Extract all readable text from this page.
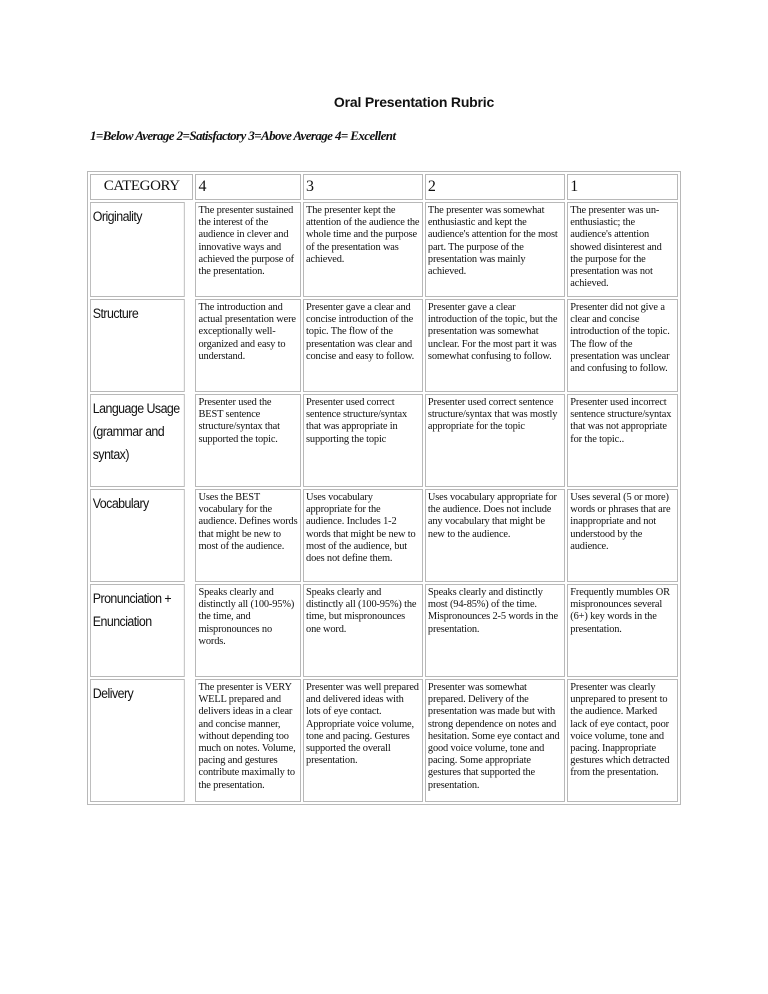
Oral Presentation Rubric
1=Below Average 2=Satisfactory 3=Above Average 4= Excellent
CATEGORY	4	3	2	1
Originality	The presenter sustained the interest of the audience in clever and innovative ways and achieved the purpose of the presentation.	The presenter kept the attention of the audience the whole time and the purpose of the presentation was achieved.	The presenter was somewhat enthusiastic and kept the audience's attention for the most part. The purpose of the presentation was mainly achieved.	The presenter was un-enthusiastic; the audience's attention showed disinterest and the purpose for the presentation was not achieved.
Structure	The introduction and actual presentation were exceptionally well- organized and easy to understand.	Presenter gave a clear and concise introduction of the topic. The flow of the presentation was clear and concise and easy to follow.	Presenter gave a clear introduction of the topic, but the presentation was somewhat unclear. For the most part it was somewhat confusing to follow.	Presenter did not give a clear and concise introduction of the topic. The flow of the presentation was unclear and confusing to follow.
Language Usage (grammar and syntax)	Presenter used the BEST sentence structure/syntax that supported the topic.	Presenter used correct sentence structure/syntax that was appropriate in supporting the topic	Presenter used correct sentence structure/syntax that was mostly appropriate for the topic	Presenter used incorrect sentence structure/syntax that was not appropriate for the topic..
Vocabulary	Uses the BEST vocabulary for the audience. Defines words that might be new to most of the audience.	Uses vocabulary appropriate for the audience. Includes 1-2 words that might be new to most of the audience, but does not define them.	Uses vocabulary appropriate for the audience. Does not include any vocabulary that might be new to the audience.	Uses several (5 or more) words or phrases that are inappropriate and not understood by the audience.
Pronunciation + Enunciation	Speaks clearly and distinctly all (100-95%) the time, and mispronounces no words.	Speaks clearly and distinctly all (100-95%) the time, but mispronounces one word.	Speaks clearly and distinctly most (94-85%) of the time. Mispronounces 2-5 words in the presentation.	Frequently mumbles OR mispronounces several (6+) key words in the presentation.
Delivery	The presenter is VERY WELL prepared and delivers ideas in a clear and concise manner, without depending too much on notes. Volume, pacing and gestures contribute maximally to the presentation.	Presenter was well prepared and delivered ideas with lots of eye contact. Appropriate voice volume, tone and pacing. Gestures supported the overall presentation.	Presenter was somewhat prepared. Delivery of the presentation was made but with strong dependence on notes and hesitation. Some eye contact and good voice volume, tone and pacing. Some appropriate gestures that supported the presentation.	Presenter was clearly unprepared to present to the audience. Marked lack of eye contact, poor voice volume, tone and pacing. Inappropriate gestures which detracted from the presentation.
